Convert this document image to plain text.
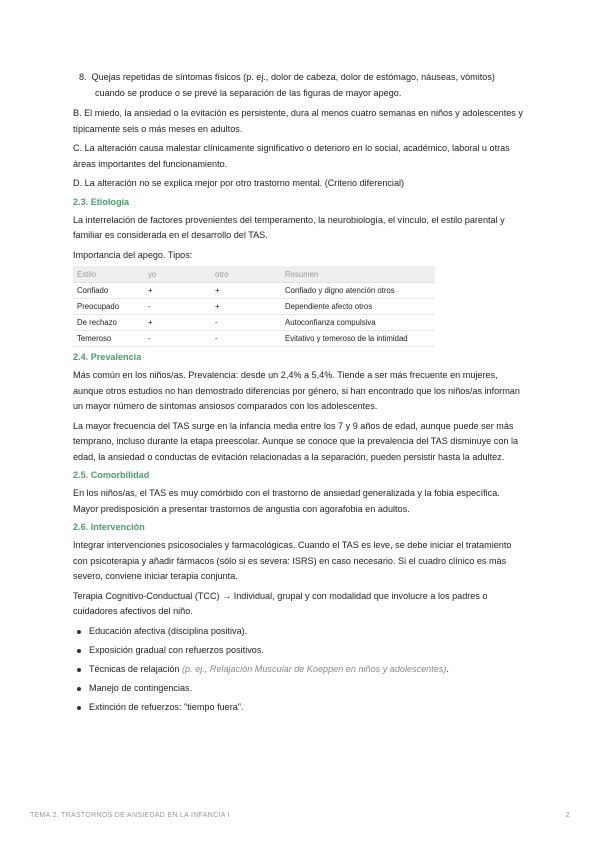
8. Quejas repetidas de síntomas físicos (p. ej., dolor de cabeza, dolor de estómago, náuseas, vómitos)
cuando se produce o se prevé la separación de las figuras de mayor apego.

B. El miedo, la ansiedad o la evitación es persistente, dura al menos cuatro semanas en niños y adolescentes y típicamente seis o más meses en adultos.

C. La alteración causa malestar clínicamente significativo o deterioro en lo social, académico, laboral u otras áreas importantes del funcionamiento.

D. La alteración no se explica mejor por otro trastorno mental. (Criterio diferencial)

2.3. Etiología

La interrelación de factores provenientes del temperamento, la neurobiología, el vínculo, el estilo parental y familiar es considerada en el desarrollo del TAS.

Importancia del apego. Tipos:

Estilo	yo	otro	Resumen
Confiado	+	+	Confiado y digno atención otros
Preocupado	-	+	Dependiente afecto otros
De rechazo	+	-	Autoconfianza compulsiva
Temeroso	-	-	Evitativo y temeroso de la intimidad
2.4. Prevalencia

Más común en los niños/as. Prevalencia: desde un 2,4% a 5,4%. Tiende a ser más frecuente en mujeres, aunque otros estudios no han demostrado diferencias por género, si han encontrado que los niños/as informan un mayor número de síntomas ansiosos comparados con los adolescentes.

La mayor frecuencia del TAS surge en la infancia media entre los 7 y 9 años de edad, aunque puede ser más temprano, incluso durante la etapa preescolar. Aunque se conoce que la prevalencia del TAS disminuye con la edad, la ansiedad o conductas de evitación relacionadas a la separación, pueden persistir hasta la adultez.

2.5. Comorbilidad

En los niños/as, el TAS es muy comórbido con el trastorno de ansiedad generalizada y la fobia específica. Mayor predisposición a presentar trastornos de angustia con agorafobia en adultos.

2.6. Intervención

Integrar intervenciones psicosociales y farmacológicas. Cuando el TAS es leve, se debe iniciar el tratamiento con psicoterapia y añadir fármacos (sólo si es severa: ISRS) en caso necesario. Si el cuadro clínico es más severo, conviene iniciar terapia conjunta.

Terapia Cognitivo-Conductual (TCC) → Individual, grupal y con modalidad que involucre a los padres o cuidadores afectivos del niño.

Educación afectiva (disciplina positiva).
Exposición gradual con refuerzos positivos.
Técnicas de relajación (p. ej., Relajación Muscular de Koeppen en niños y adolescentes).
Manejo de contingencias.
Extinción de refuerzos: "tiempo fuera".
TEMA 2. TRASTORNOS DE ANSIEDAD EN LA INFANCIA I	2
